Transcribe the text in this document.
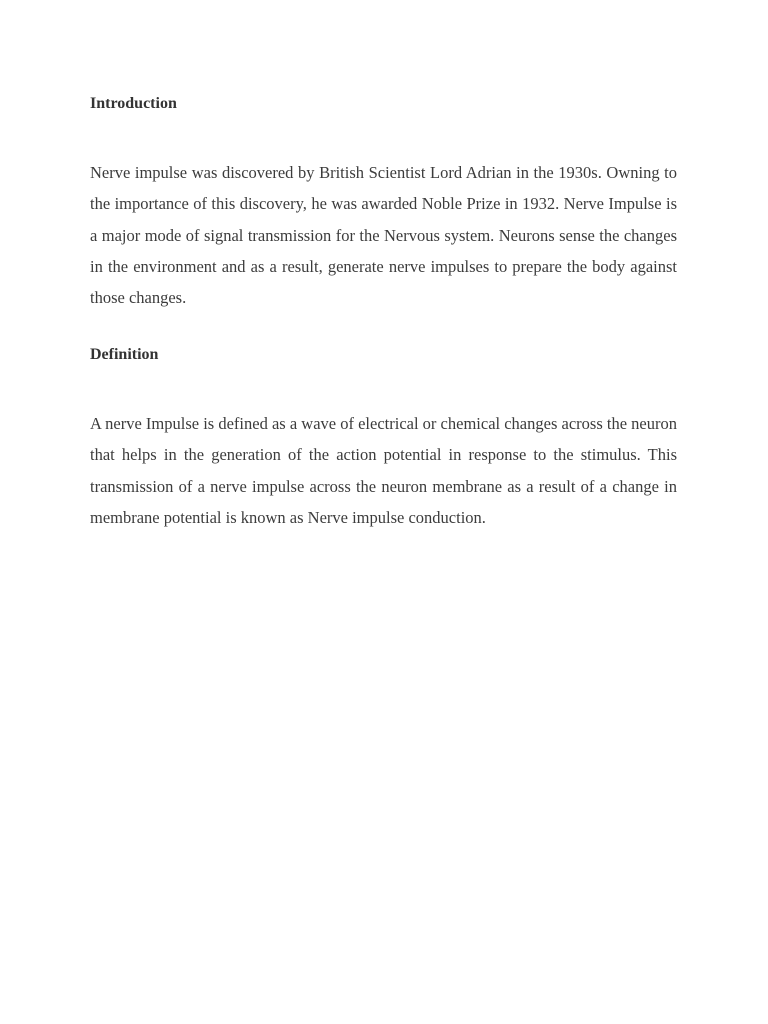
Introduction

Nerve impulse was discovered by British Scientist Lord Adrian in the 1930s. Owning to the importance of this discovery, he was awarded Noble Prize in 1932. Nerve Impulse is a major mode of signal transmission for the Nervous system. Neurons sense the changes in the environment and as a result, generate nerve impulses to prepare the body against those changes.

Definition

A nerve Impulse is defined as a wave of electrical or chemical changes across the neuron that helps in the generation of the action potential in response to the stimulus. This transmission of a nerve impulse across the neuron membrane as a result of a change in membrane potential is known as Nerve impulse conduction.
